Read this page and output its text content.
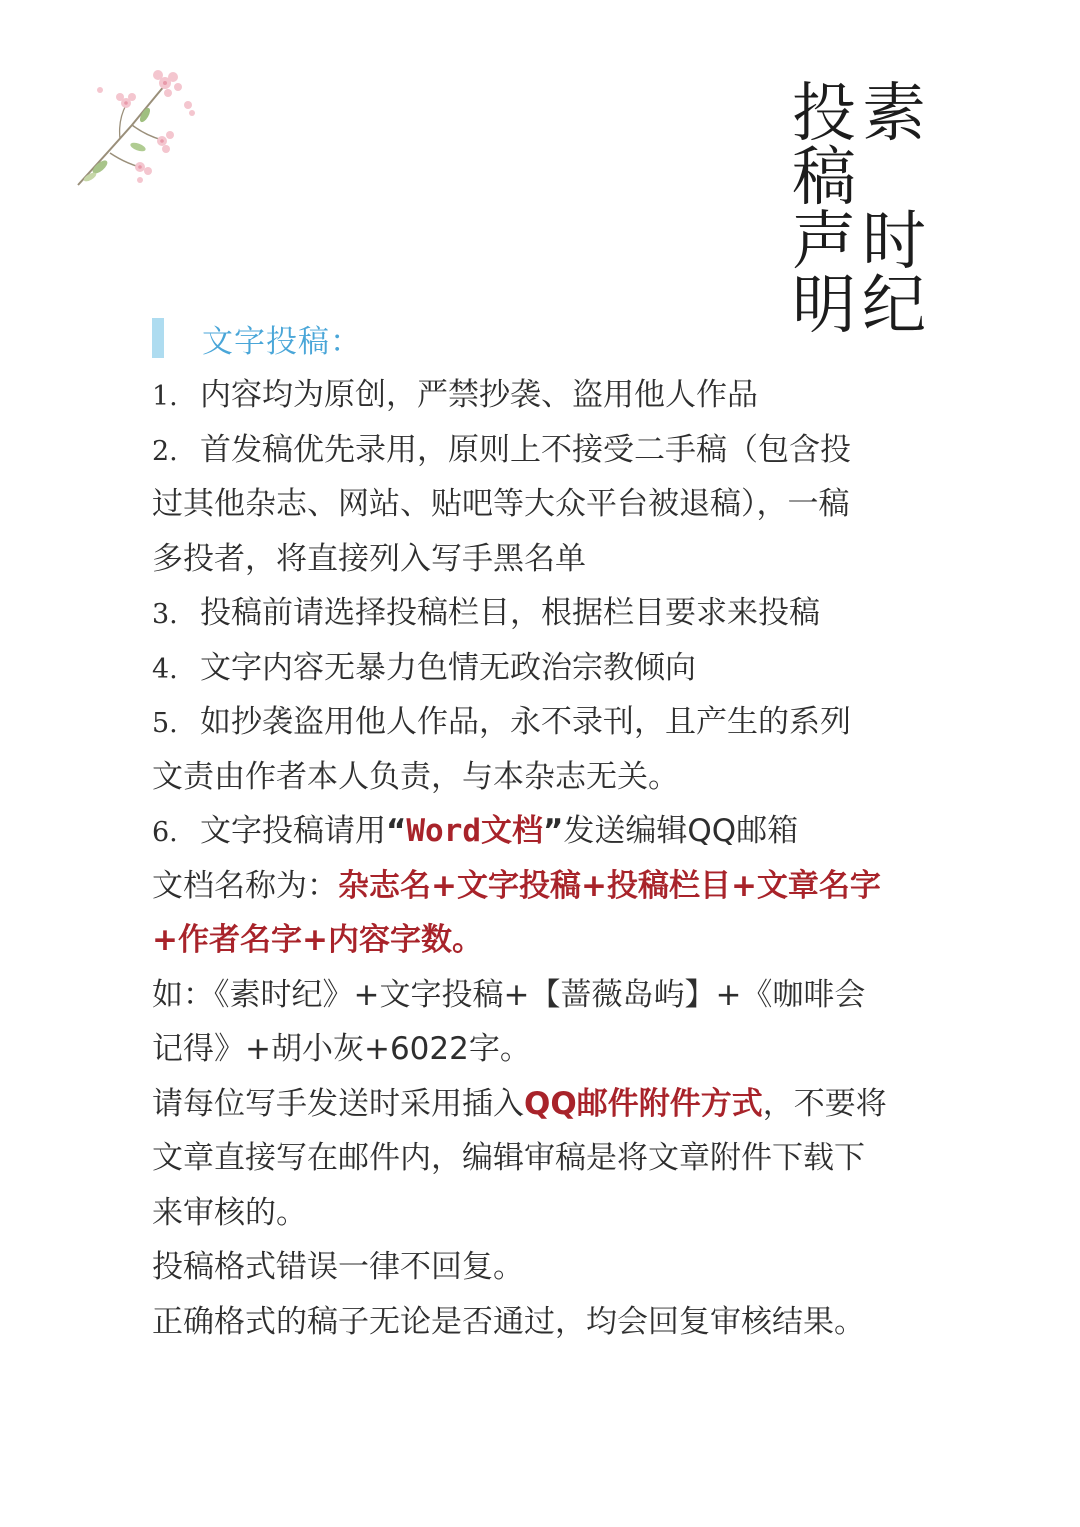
投
稿
声
明
素
时
纪
文字投稿：
1. 内容均为原创，严禁抄袭、盗用他人作品
2. 首发稿优先录用，原则上不接受二手稿（包含投
过其他杂志、网站、贴吧等大众平台被退稿），一稿
多投者，将直接列入写手黑名单
3. 投稿前请选择投稿栏目，根据栏目要求来投稿
4. 文字内容无暴力色情无政治宗教倾向
5. 如抄袭盗用他人作品，永不录刊，且产生的系列
文责由作者本人负责，与本杂志无关。
6. 文字投稿请用“Word文档”发送编辑QQ邮箱
文档名称为：杂志名+文字投稿+投稿栏目+文章名字
+作者名字+内容字数。
如：《素时纪》+文字投稿+【蔷薇岛屿】+《咖啡会
记得》+胡小灰+6022字。
请每位写手发送时采用插入QQ邮件附件方式，不要将
文章直接写在邮件内，编辑审稿是将文章附件下载下
来审核的。
投稿格式错误一律不回复。
正确格式的稿子无论是否通过，均会回复审核结果。
